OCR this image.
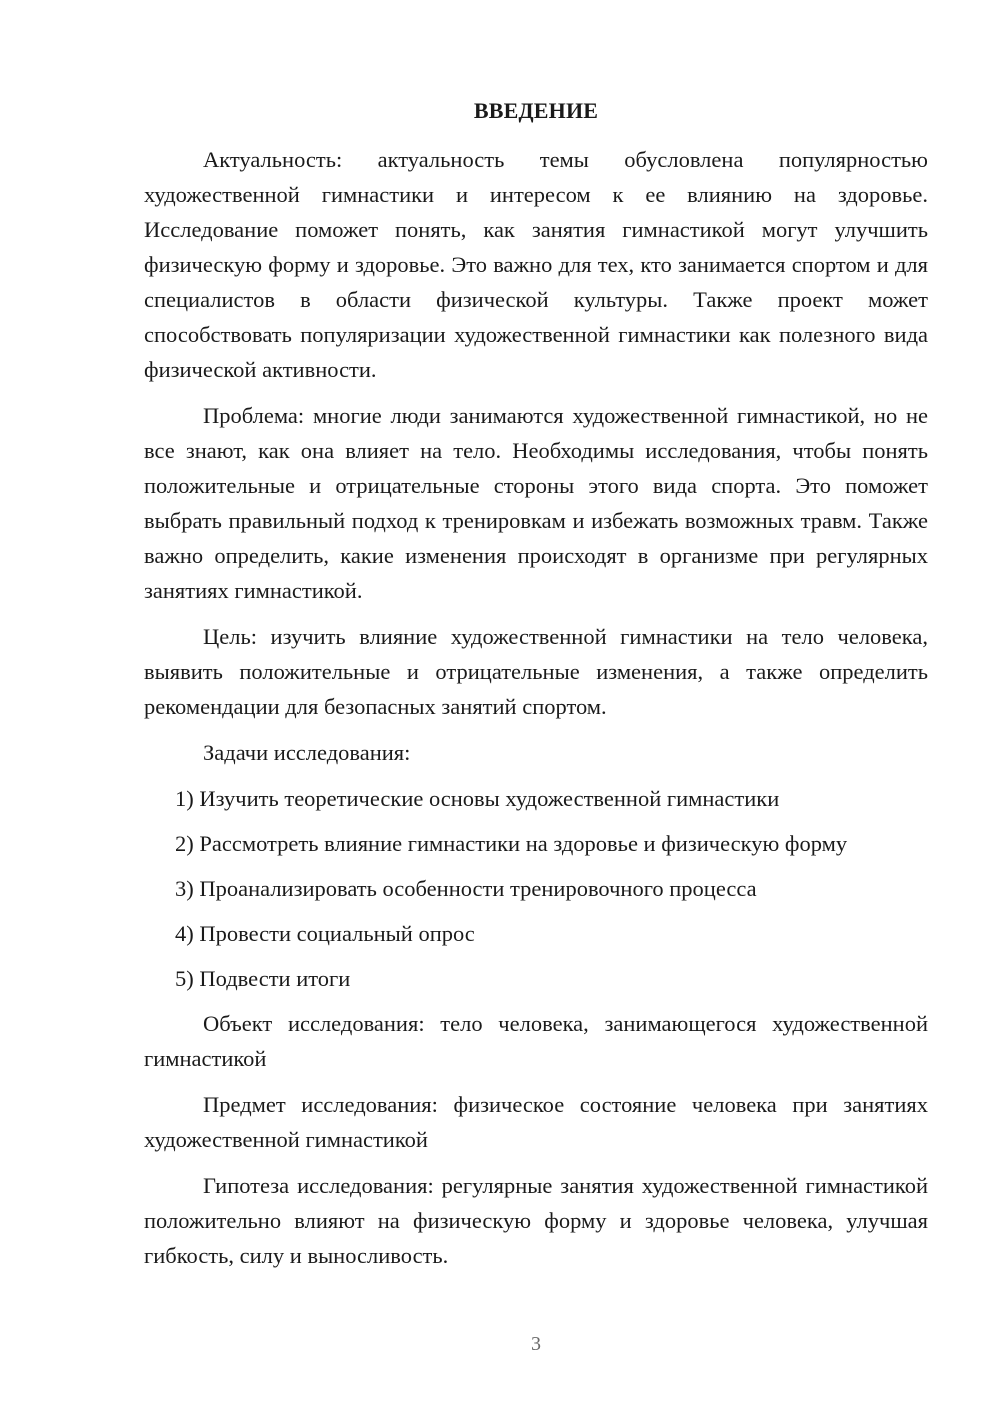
ВВЕДЕНИЕ

Актуальность: актуальность темы обусловлена популярностью художественной гимнастики и интересом к ее влиянию на здоровье. Исследование поможет понять, как занятия гимнастикой могут улучшить физическую форму и здоровье. Это важно для тех, кто занимается спортом и для специалистов в области физической культуры. Также проект может способствовать популяризации художественной гимнастики как полезного вида физической активности.

Проблема: многие люди занимаются художественной гимнастикой, но не все знают, как она влияет на тело. Необходимы исследования, чтобы понять положительные и отрицательные стороны этого вида спорта. Это поможет выбрать правильный подход к тренировкам и избежать возможных травм. Также важно определить, какие изменения происходят в организме при регулярных занятиях гимнастикой.

Цель: изучить влияние художественной гимнастики на тело человека, выявить положительные и отрицательные изменения, а также определить рекомендации для безопасных занятий спортом.

Задачи исследования:

1) Изучить теоретические основы художественной гимнастики

2) Рассмотреть влияние гимнастики на здоровье и физическую форму

3) Проанализировать особенности тренировочного процесса

4) Провести социальный опрос

5) Подвести итоги

Объект исследования: тело человека, занимающегося художественной гимнастикой

Предмет исследования: физическое состояние человека при занятиях художественной гимнастикой

Гипотеза исследования: регулярные занятия художественной гимнастикой положительно влияют на физическую форму и здоровье человека, улучшая гибкость, силу и выносливость.

3
